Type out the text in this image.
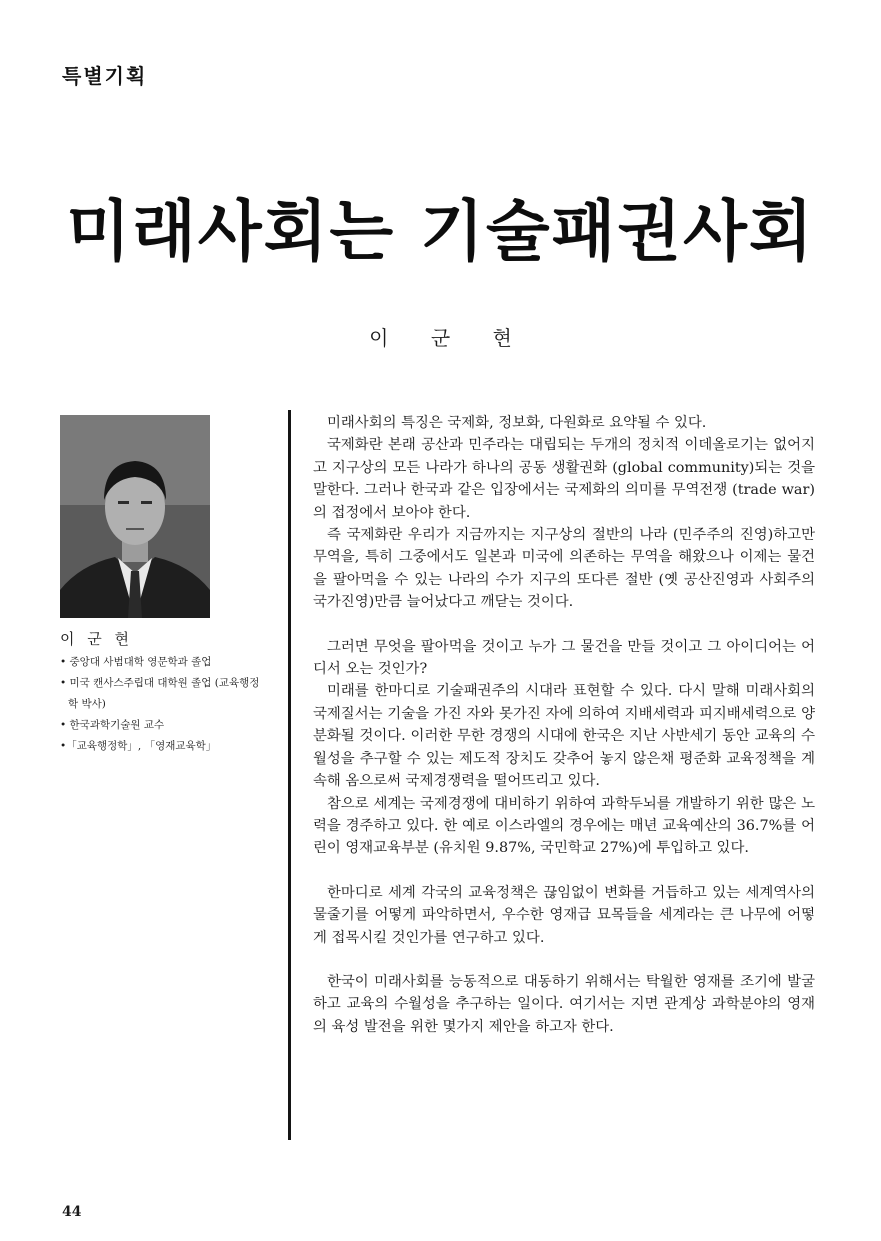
특별기획
미래사회는 기술패권사회
이 군 현
이 군 현
• 중앙대 사범대학 영문학과 졸업
• 미국 캔사스주립대 대학원 졸업 (교육행정학 박사)
• 한국과학기술원 교수
•「교육행정학」, 「영재교육학」

미래사회의 특징은 국제화, 정보화, 다원화로 요약될 수 있다.

국제화란 본래 공산과 민주라는 대립되는 두개의 정치적 이데올로기는 없어지고 지구상의 모든 나라가 하나의 공동 생활권화 (global community)되는 것을 말한다. 그러나 한국과 같은 입장에서는 국제화의 의미를 무역전쟁 (trade war)의 접정에서 보아야 한다.

즉 국제화란 우리가 지금까지는 지구상의 절반의 나라 (민주주의 진영)하고만 무역을, 특히 그중에서도 일본과 미국에 의존하는 무역을 해왔으나 이제는 물건을 팔아먹을 수 있는 나라의 수가 지구의 또다른 절반 (옛 공산진영과 사회주의 국가진영)만큼 늘어났다고 깨닫는 것이다.

그러면 무엇을 팔아먹을 것이고 누가 그 물건을 만들 것이고 그 아이디어는 어디서 오는 것인가?

미래를 한마디로 기술패권주의 시대라 표현할 수 있다. 다시 말해 미래사회의 국제질서는 기술을 가진 자와 못가진 자에 의하여 지배세력과 피지배세력으로 양분화될 것이다. 이러한 무한 경쟁의 시대에 한국은 지난 사반세기 동안 교육의 수월성을 추구할 수 있는 제도적 장치도 갖추어 놓지 않은채 평준화 교육정책을 계속해 옴으로써 국제경쟁력을 떨어뜨리고 있다.

참으로 세계는 국제경쟁에 대비하기 위하여 과학두뇌를 개발하기 위한 많은 노력을 경주하고 있다. 한 예로 이스라엘의 경우에는 매년 교육예산의 36.7%를 어린이 영재교육부분 (유치원 9.87%, 국민학교 27%)에 투입하고 있다.

한마디로 세계 각국의 교육정책은 끊임없이 변화를 거듭하고 있는 세계역사의 물줄기를 어떻게 파악하면서, 우수한 영재급 묘목들을 세계라는 큰 나무에 어떻게 접목시킬 것인가를 연구하고 있다.

한국이 미래사회를 능동적으로 대동하기 위해서는 탁월한 영재를 조기에 발굴하고 교육의 수월성을 추구하는 일이다. 여기서는 지면 관계상 과학분야의 영재의 육성 발전을 위한 몇가지 제안을 하고자 한다.

44
